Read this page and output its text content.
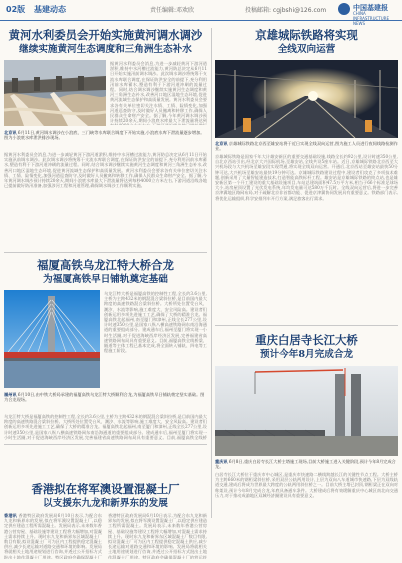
02版 基建动态	责任编辑:邓欢欣	投稿邮箱: cgjbshi@126.com	中国基建报
CHINA INFRASTRUCTURE NEWS
黄河水利委员会开始实施黄河调水调沙
继续实施黄河生态调度和三角洲生态补水
据黄河水利委员会消息,为进一步减轻黄河下游河道淤积,维持中水河槽过流能力,黄河防总决定从6月11日开始实施汛前调水调沙。此次调水调沙将统筹干支流水库联合调度,在保证防洪安全的前提下,充分利用汛前水库蓄水,塑造有利于下游河道冲刷的流量过程。同时,结合调水调沙继续实施黄河生态调度和黄河三角洲生态补水,改善河口地区湿地生态环境,促进黄河流域生态保护和高质量发展。黄河水利委员会要求各有关单位密切关注水情、工情、险情变化,加强河道巡查防守,及时做好人员撤离和转移工作,确保人民群众生命财产安全。据了解,今年黄河调水调沙预计持续20余天,期间小浪底水库最大下泄流量将达到
北京讯 6月11日,黄河调水调沙在小浪底、三门峡等水库联合调度下开始实施,小浪底水库下泄流量逐步增加。图为小浪底水库泄洪排沙现场。
据黄河水利委员会消息,为进一步减轻黄河下游河道淤积,维持中水河槽过流能力,黄河防总决定从6月11日开始实施汛前调水调沙。此次调水调沙将统筹干支流水库联合调度,在保证防洪安全的前提下,充分利用汛前水库蓄水,塑造有利于下游河道冲刷的流量过程。同时,结合调水调沙继续实施黄河生态调度和黄河三角洲生态补水,改善河口地区湿地生态环境,促进黄河流域生态保护和高质量发展。黄河水利委员会要求各有关单位密切关注水情、工情、险情变化,加强河道巡查防守,及时做好人员撤离和转移工作,确保人民群众生命财产安全。据了解,今年黄河调水调沙预计持续20余天,期间小浪底水库最大下泄流量将达到每秒4000立方米左右,下游河道沿线各地已提前做好防汛准备,加强涉河工程和河道管理,确保调水调沙工作顺利实施。
京雄城际铁路将实现
全线双向运营
北京讯 京雄城际铁路北京西至雄安站将于近日实现全线双向运营,图为施工人员进行夜间线路检测作业。
京雄城际铁路是国家千年大计雄安新区的重要交通基础设施,线路全长约92公里,设计时速350公里,自北京西站引出,经北京大兴国际机场,至雄安站,全线共设5座车站。近日,京雄城际铁路北京西至大兴机场段与大兴机场至雄安段实现贯通,将实现全线双向运营。开通后,北京西站至雄安站最快50分钟可达,大兴机场至雄安站最快19分钟可达。京雄城际铁路建设过程中,建设者们攻克了多项技术难题,创新采用了大量智能建造技术,打造智能高铁标杆工程。雄安站是京雄城际铁路的终点站,也是雄安新区第一个开工建设的重大基础设施项目,车站总建筑面积47.5万平方米,相当于66个标准足球场大小,站房屋顶设置了光伏发电系统,年均发电量可达580万千瓦时。全线双向运营后,将进一步完善京津冀地区路网布局,对于疏解北京非首都功能、促进京津冀协同发展具有重要意义。铁路部门表示,将优化运输组织,科学安排列车开行方案,满足旅客出行需求。
福厦高铁乌龙江特大桥合龙
为福厦高铁早日铺轨奠定基础
乌龙江特大桥是福厦高铁的控制性工程,全长约3.6公里,主桥为主跨432米的钢混混合梁斜拉桥,是目前国内最大跨度的高速铁路混合梁斜拉桥。大桥所处位置受台风、潮汐、水流等影响,施工难度大、安全风险高。建设者们创新运用多项先进施工工艺,确保了大桥的精准合龙。福厦高铁北起福州,南至厦门和漳州,正线全长277公里,设计时速350公里,是国家八纵八横高速铁路网东南沿海通道的重要组成部分。建成通车后,福州至厦门将实现一小时生活圈,对于促进海峡西岸经济区发展,完善福建省高速铁路网布局具有重要意义。目前,福厦高铁全线桥梁、隧道等主体工程已基本完成,将全面转入铺轨、四电等工程施工阶段。
福州讯 6月10日,由中铁大桥局承建的福厦高铁乌龙江特大桥顺利合龙,为福厦高铁早日铺轨奠定坚实基础。图为合龙现场。
乌龙江特大桥是福厦高铁的控制性工程,全长约3.6公里,主桥为主跨432米的钢混混合梁斜拉桥,是目前国内最大跨度的高速铁路混合梁斜拉桥。大桥所处位置受台风、潮汐、水流等影响,施工难度大、安全风险高。建设者们创新运用多项先进施工工艺,确保了大桥的精准合龙。福厦高铁北起福州,南至厦门和漳州,正线全长277公里,设计时速350公里,是国家八纵八横高速铁路网东南沿海通道的重要组成部分。建成通车后,福州至厦门将实现一小时生活圈,对于促进海峡西岸经济区发展,完善福建省高速铁路网布局具有重要意义。目前,福厦高铁全线桥
重庆白居寺长江大桥
预计今年8月完成合龙
重庆讯 6月8日,重庆白居寺长江大桥主塔施工现场,目前大桥施工进入关键阶段,预计今年8月完成合龙。
白居寺长江大桥位于重庆市中心城区,是重庆市快速路二横线跨越长江的关键性节点工程。大桥主桥为主跨660米的钢桁梁斜拉桥,采用双层公轨两用设计,上层为双向八车道城市快速路,下层为双线轨道交通,建成后将成为世界最大跨度的公轨两用斜拉桥之一。目前大桥主塔已封顶,钢桁梁正在双向对称架设,预计今年8月完成合龙,年底具备通车条件。大桥建成后将有效缓解重庆中心城区南北向交通压力,对于推动成渝地区双城经济圈建设具有重要意义。
香港拟在将军澳设置混凝土厂
以支援东九龙和新界东的发展
香港讯 香港特区政府发展局6月10日表示,为配合东九龙和新界东的发展,拟在将军澳设置混凝土厂,以稳定供应建造工程所需混凝土。发展局表示,未来数年香港公营房屋、基础设施等建设工程将大幅增加,对混凝土需求持续上升。现时东九龙和新界东区域混凝土厂数目有限,拟设混凝土厂可为区内工程提供稳定混凝土供应,减少长途运输对道路交通和环境的影响。发展局将就相关土地用途规划进行咨询,并透过公开招标方式批出土地作混凝土厂用途。特区政府会确保混凝土厂
香港特区政府发展局6月10日表示,为配合东九龙和新界东的发展,拟在将军澳设置混凝土厂,以稳定供应建造工程所需混凝土。发展局表示,未来数年香港公营房屋、基础设施等建设工程将大幅增加,对混凝土需求持续上升。现时东九龙和新界东区域混凝土厂数目有限,拟设混凝土厂可为区内工程提供稳定混凝土供应,减少长途运输对道路交通和环境的影响。发展局将就相关土地用途规划进行咨询,并透过公开招标方式批出土地作混凝土厂用途。特区政府会确保混凝土厂的营运符
